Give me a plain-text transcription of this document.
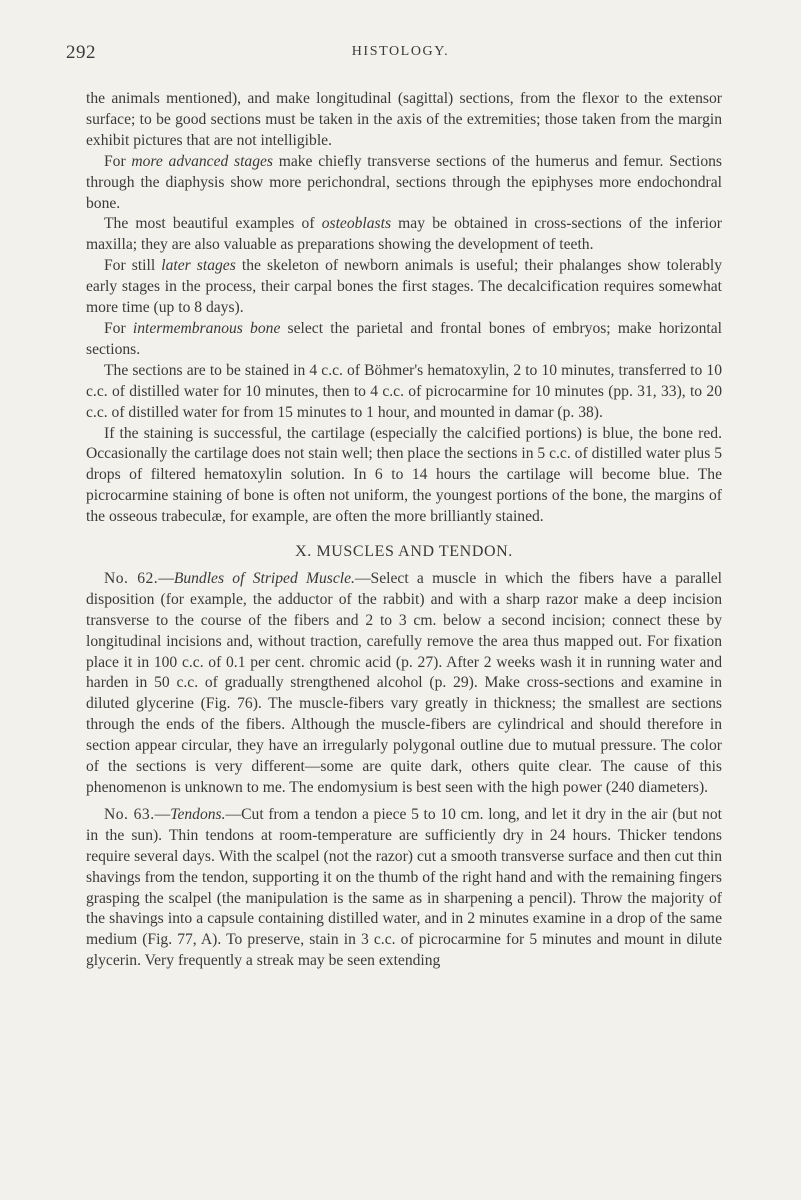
292	HISTOLOGY.

the animals mentioned), and make longitudinal (sagittal) sections, from the flexor to the extensor surface; to be good sections must be taken in the axis of the extremities; those taken from the margin exhibit pictures that are not intelligible.

For more advanced stages make chiefly transverse sections of the humerus and femur. Sections through the diaphysis show more perichondral, sections through the epiphyses more endochondral bone.

The most beautiful examples of osteoblasts may be obtained in cross-sections of the inferior maxilla; they are also valuable as preparations showing the development of teeth.

For still later stages the skeleton of newborn animals is useful; their phalanges show tolerably early stages in the process, their carpal bones the first stages. The decalcification requires somewhat more time (up to 8 days).

For intermembranous bone select the parietal and frontal bones of embryos; make horizontal sections.

The sections are to be stained in 4 c.c. of Böhmer's hematoxylin, 2 to 10 minutes, transferred to 10 c.c. of distilled water for 10 minutes, then to 4 c.c. of picrocarmine for 10 minutes (pp. 31, 33), to 20 c.c. of distilled water for from 15 minutes to 1 hour, and mounted in damar (p. 38).

If the staining is successful, the cartilage (especially the calcified portions) is blue, the bone red. Occasionally the cartilage does not stain well; then place the sections in 5 c.c. of distilled water plus 5 drops of filtered hematoxylin solution. In 6 to 14 hours the cartilage will become blue. The picrocarmine staining of bone is often not uniform, the youngest portions of the bone, the margins of the osseous trabeculæ, for example, are often the more brilliantly stained.

X. MUSCLES AND TENDON.

No. 62.—Bundles of Striped Muscle.—Select a muscle in which the fibers have a parallel disposition (for example, the adductor of the rabbit) and with a sharp razor make a deep incision transverse to the course of the fibers and 2 to 3 cm. below a second incision; connect these by longitudinal incisions and, without traction, carefully remove the area thus mapped out. For fixation place it in 100 c.c. of 0.1 per cent. chromic acid (p. 27). After 2 weeks wash it in running water and harden in 50 c.c. of gradually strengthened alcohol (p. 29). Make cross-sections and examine in diluted glycerine (Fig. 76). The muscle-fibers vary greatly in thickness; the smallest are sections through the ends of the fibers. Although the muscle-fibers are cylindrical and should therefore in section appear circular, they have an irregularly polygonal outline due to mutual pressure. The color of the sections is very different—some are quite dark, others quite clear. The cause of this phenomenon is unknown to me. The endomysium is best seen with the high power (240 diameters).

No. 63.—Tendons.—Cut from a tendon a piece 5 to 10 cm. long, and let it dry in the air (but not in the sun). Thin tendons at room-temperature are sufficiently dry in 24 hours. Thicker tendons require several days. With the scalpel (not the razor) cut a smooth transverse surface and then cut thin shavings from the tendon, supporting it on the thumb of the right hand and with the remaining fingers grasping the scalpel (the manipulation is the same as in sharpening a pencil). Throw the majority of the shavings into a capsule containing distilled water, and in 2 minutes examine in a drop of the same medium (Fig. 77, A). To preserve, stain in 3 c.c. of picrocarmine for 5 minutes and mount in dilute glycerin. Very frequently a streak may be seen extending
